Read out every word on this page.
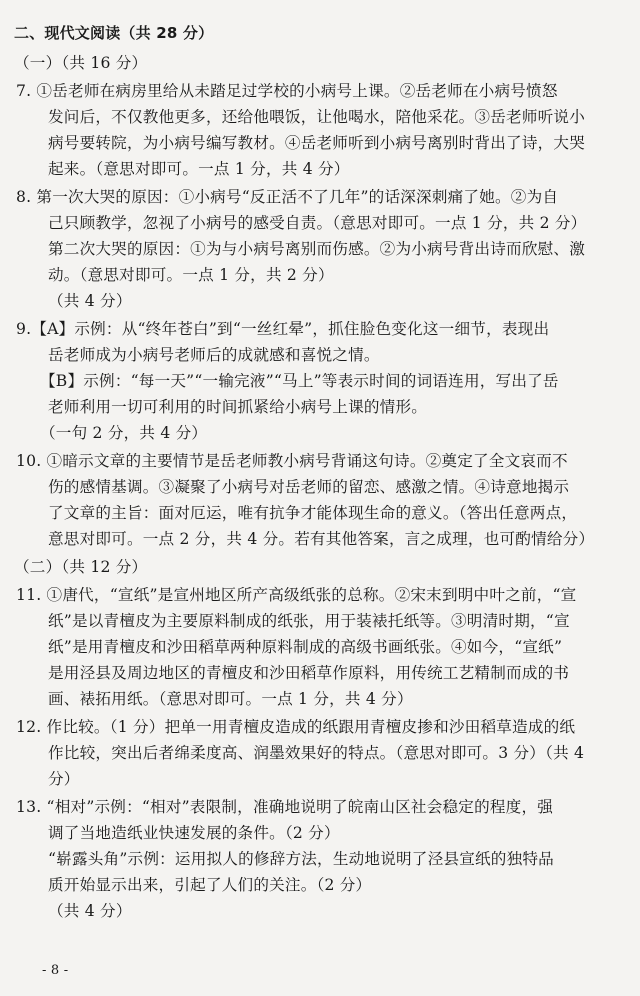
二、现代文阅读（共 28 分）
（一）（共 16 分）
7. ①岳老师在病房里给从未踏足过学校的小病号上课。②岳老师在小病号愤怒
发问后，不仅教他更多，还给他喂饭，让他喝水，陪他采花。③岳老师听说小
病号要转院，为小病号编写教材。④岳老师听到小病号离别时背出了诗，大哭
起来。（意思对即可。一点 1 分，共 4 分）
8. 第一次大哭的原因：①小病号“反正活不了几年”的话深深刺痛了她。②为自
己只顾教学，忽视了小病号的感受自责。（意思对即可。一点 1 分，共 2 分）
第二次大哭的原因：①为与小病号离别而伤感。②为小病号背出诗而欣慰、激
动。（意思对即可。一点 1 分，共 2 分）
（共 4 分）
9.【A】示例：从“终年苍白”到“一丝红晕”，抓住脸色变化这一细节，表现出
岳老师成为小病号老师后的成就感和喜悦之情。
【B】示例：“每一天”“一输完液”“马上”等表示时间的词语连用，写出了岳
老师利用一切可利用的时间抓紧给小病号上课的情形。
（一句 2 分，共 4 分）
10. ①暗示文章的主要情节是岳老师教小病号背诵这句诗。②奠定了全文哀而不
伤的感情基调。③凝聚了小病号对岳老师的留恋、感激之情。④诗意地揭示
了文章的主旨：面对厄运，唯有抗争才能体现生命的意义。（答出任意两点，
意思对即可。一点 2 分，共 4 分。若有其他答案，言之成理，也可酌情给分）
（二）（共 12 分）
11. ①唐代，“宣纸”是宣州地区所产高级纸张的总称。②宋末到明中叶之前，“宣
纸”是以青檀皮为主要原料制成的纸张，用于装裱托纸等。③明清时期，“宣
纸”是用青檀皮和沙田稻草两种原料制成的高级书画纸张。④如今，“宣纸”
是用泾县及周边地区的青檀皮和沙田稻草作原料，用传统工艺精制而成的书
画、裱拓用纸。（意思对即可。一点 1 分，共 4 分）
12. 作比较。（1 分）把单一用青檀皮造成的纸跟用青檀皮掺和沙田稻草造成的纸
作比较，突出后者绵柔度高、润墨效果好的特点。（意思对即可。3 分）（共 4
分）
13. “相对”示例：“相对”表限制，准确地说明了皖南山区社会稳定的程度，强
调了当地造纸业快速发展的条件。（2 分）
“崭露头角”示例：运用拟人的修辞方法，生动地说明了泾县宣纸的独特品
质开始显示出来，引起了人们的关注。（2 分）
（共 4 分）
- 8 -
